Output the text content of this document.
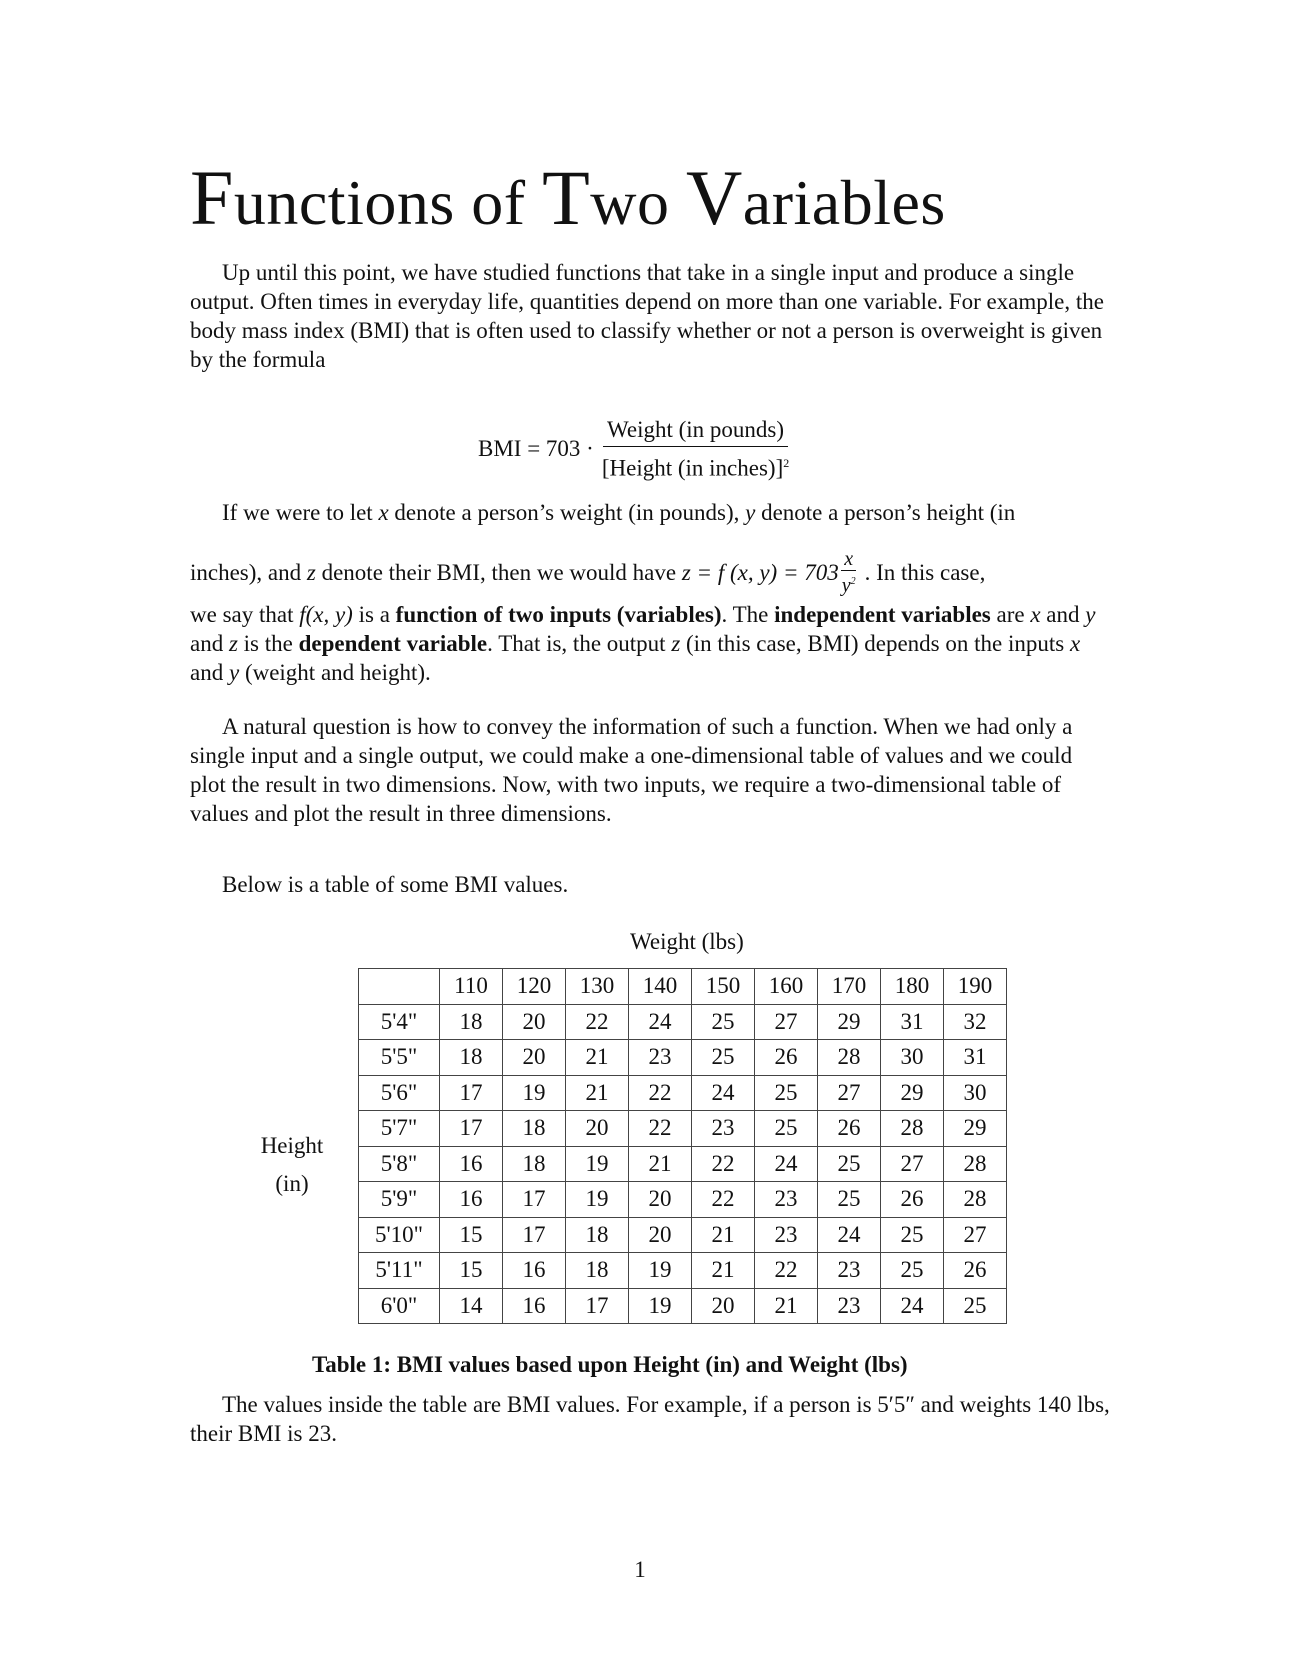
Functions of Two Variables

Up until this point, we have studied functions that take in a single input and produce a single output. Often times in everyday life, quantities depend on more than one variable. For example, the body mass index (BMI) that is often used to classify whether or not a person is overweight is given by the formula

BMI = $703 \cdot \frac{\text{Weight (in pounds)}}{[Height (in inches)]^2}$

If we were to let x denote a person’s weight (in pounds), y denote a person’s height (in

inches), and z denote their BMI, then we would have z = f (x, $y) = 703 \frac{x}{y^2}$ . In this case,

we say that f(x, y) is a function of two inputs (variables). The independent variables are x and y and z is the dependent variable. That is, the output z (in this case, BMI) depends on the inputs x and y (weight and height).

A natural question is how to convey the information of such a function. When we had only a single input and a single output, we could make a one-dimensional table of values and we could plot the result in two dimensions. Now, with two inputs, we require a two-dimensional table of values and plot the result in three dimensions.

Below is a table of some BMI values.

Weight (lbs)
Height
(in)
	110	120	130	140	150	160	170	180	190
5'4"	18	20	22	24	25	27	29	31	32
5'5"	18	20	21	23	25	26	28	30	31
5'6"	17	19	21	22	24	25	27	29	30
5'7"	17	18	20	22	23	25	26	28	29
5'8"	16	18	19	21	22	24	25	27	28
5'9"	16	17	19	20	22	23	25	26	28
5'10"	15	17	18	20	21	23	24	25	27
5'11"	15	16	18	19	21	22	23	25	26
6'0"	14	16	17	19	20	21	23	24	25
Table 1: BMI values based upon Height (in) and Weight (lbs)

The values inside the table are BMI values. For example, if a person is 5′5″ and weights 140 lbs, their BMI is 23.

1
